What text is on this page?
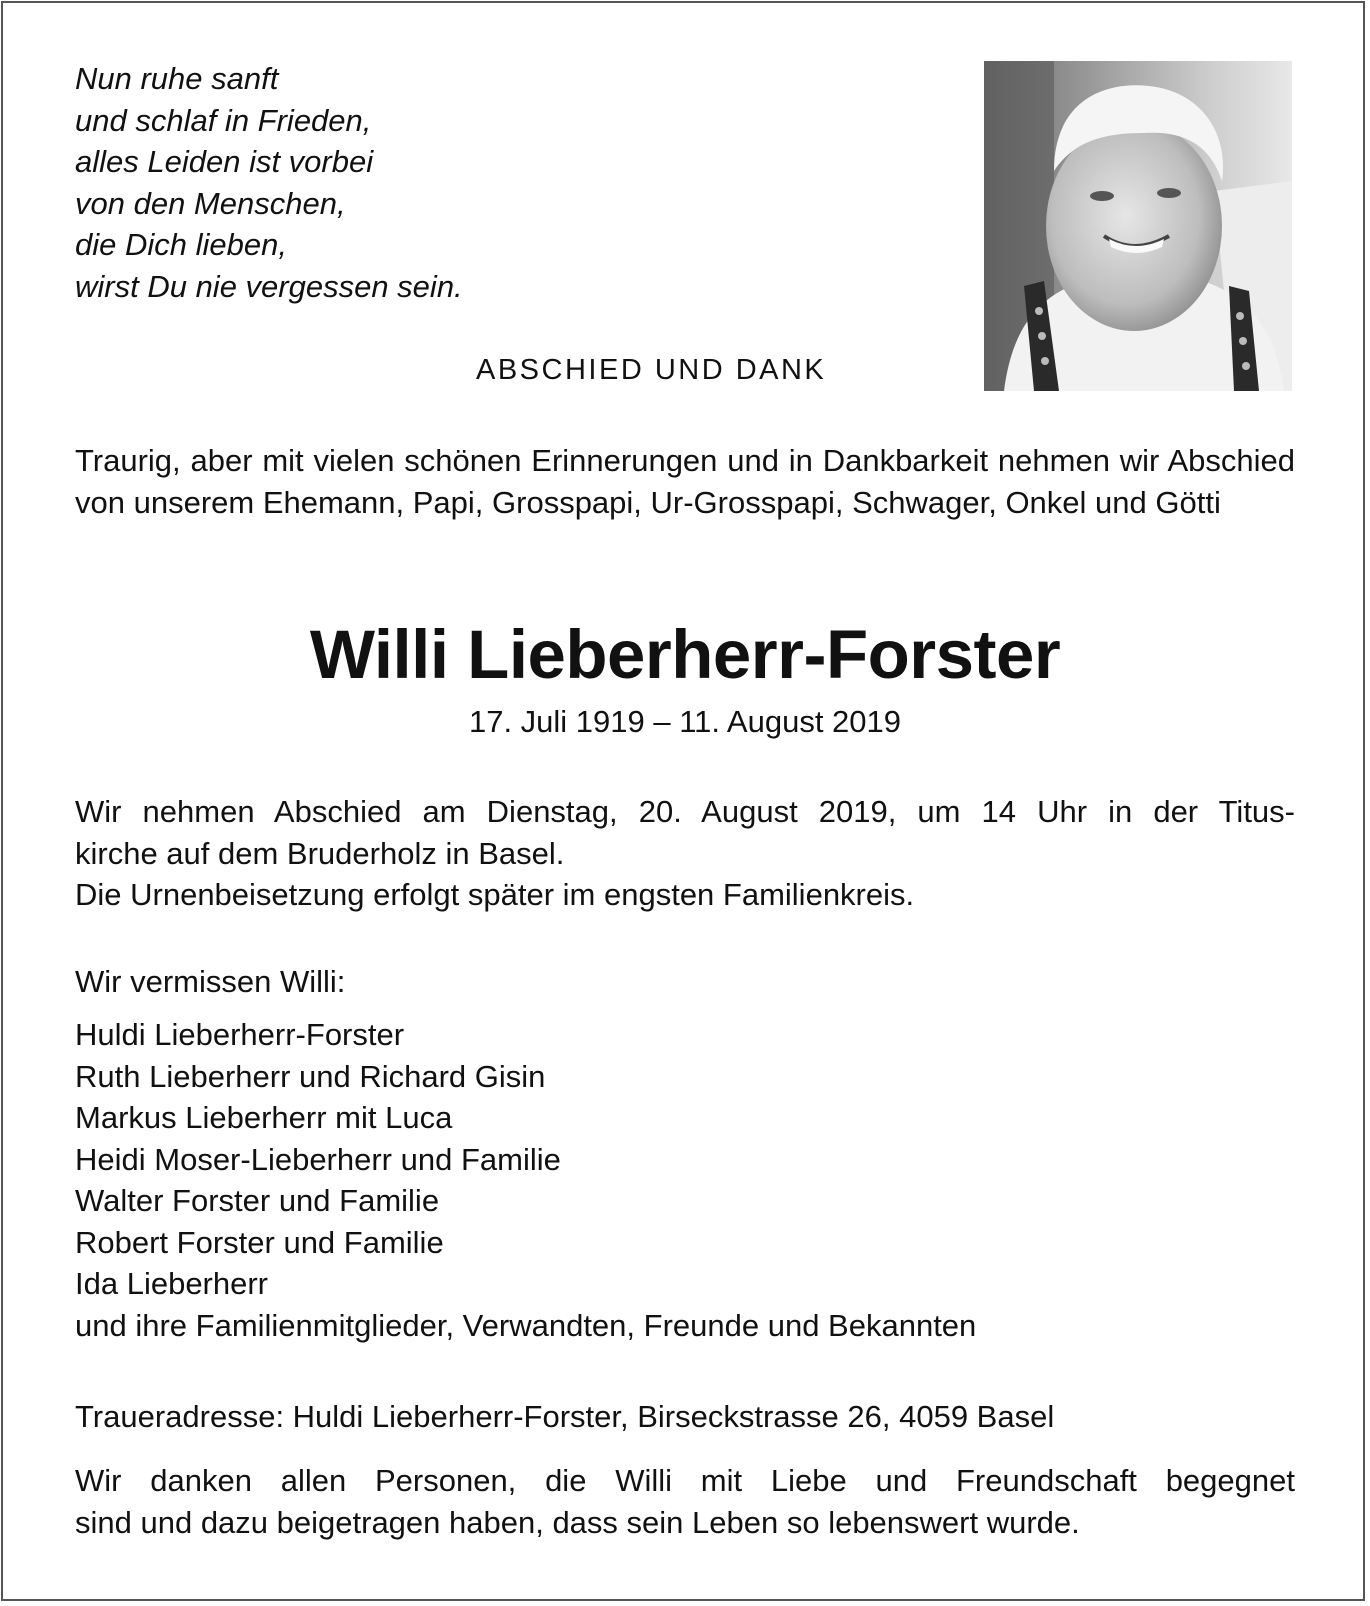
Nun ruhe sanft
und schlaf in Frieden,
alles Leiden ist vorbei
von den Menschen,
die Dich lieben,
wirst Du nie vergessen sein.
ABSCHIED UND DANK
Traurig, aber mit vielen schönen Erinnerungen und in Dankbarkeit nehmen wir Abschied von unserem Ehemann, Papi, Grosspapi, Ur-Grosspapi, Schwager, Onkel und Götti
Willi Lieberherr-Forster
17. Juli 1919 – 11. August 2019
Wir nehmen Abschied am Dienstag, 20. August 2019, um 14 Uhr in der Titus-
kirche auf dem Bruderholz in Basel.
Die Urnenbeisetzung erfolgt später im engsten Familienkreis.
Wir vermissen Willi:
Huldi Lieberherr-Forster
Ruth Lieberherr und Richard Gisin
Markus Lieberherr mit Luca
Heidi Moser-Lieberherr und Familie
Walter Forster und Familie
Robert Forster und Familie
Ida Lieberherr
und ihre Familienmitglieder, Verwandten, Freunde und Bekannten
Traueradresse: Huldi Lieberherr-Forster, Birseckstrasse 26, 4059 Basel
Wir danken allen Personen, die Willi mit Liebe und Freundschaft begegnet
sind und dazu beigetragen haben, dass sein Leben so lebenswert wurde.
